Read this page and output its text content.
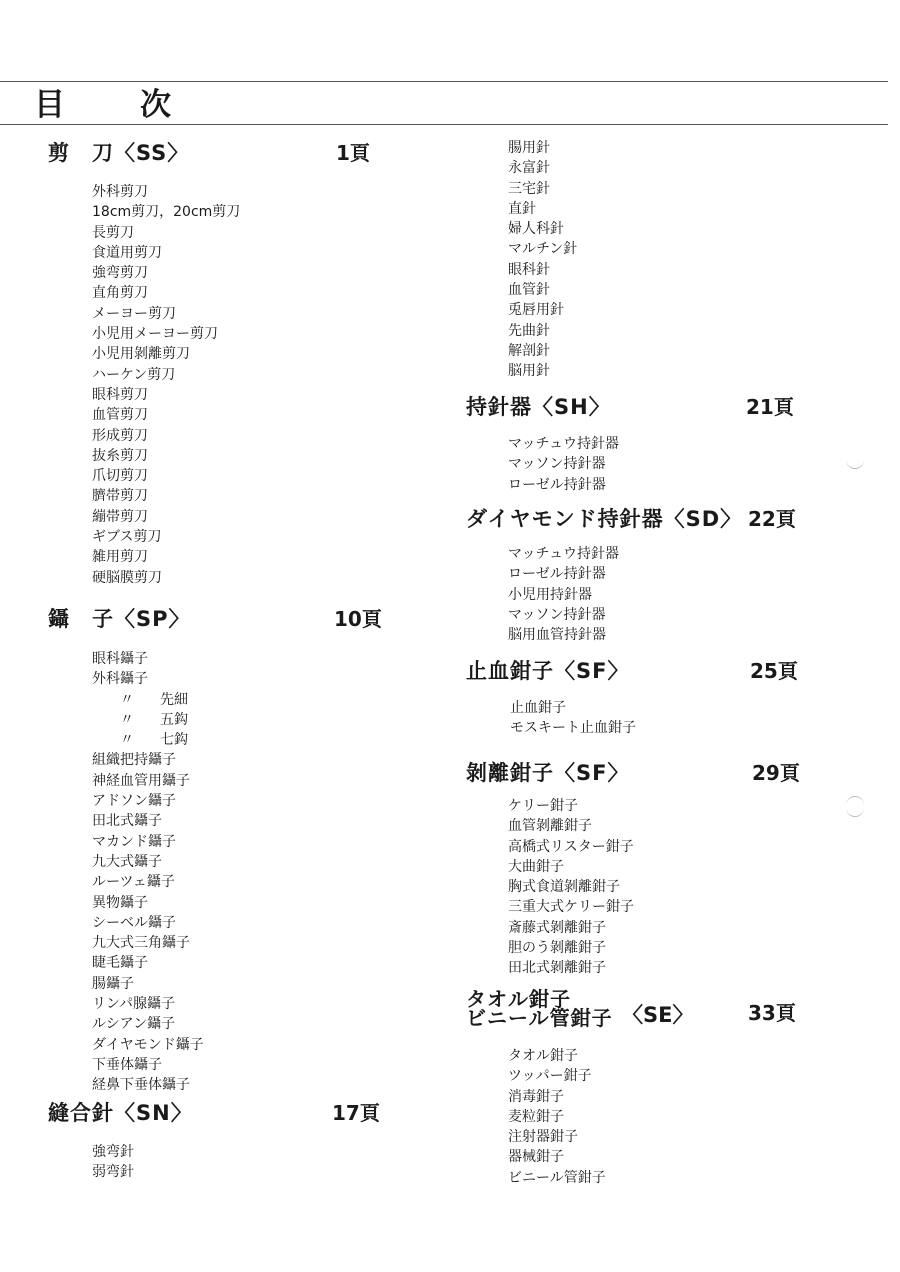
目　次
剪　刀〈SS〉	1頁
外科剪刀
18cm剪刀，20cm剪刀
長剪刀
食道用剪刀
強弯剪刀
直角剪刀
メーヨー剪刀
小児用メーヨー剪刀
小児用剝離剪刀
ハーケン剪刀
眼科剪刀
血管剪刀
形成剪刀
抜糸剪刀
爪切剪刀
臍帯剪刀
繃帯剪刀
ギブス剪刀
雑用剪刀
硬脳膜剪刀
鑷　子〈SP〉	10頁
眼科鑷子
外科鑷子
〃 先細
〃 五鈎
〃 七鈎
組織把持鑷子
神経血管用鑷子
アドソン鑷子
田北式鑷子
マカンド鑷子
九大式鑷子
ルーツェ鑷子
異物鑷子
シーベル鑷子
九大式三角鑷子
睫毛鑷子
腸鑷子
リンパ腺鑷子
ルシアン鑷子
ダイヤモンド鑷子
下垂体鑷子
経鼻下垂体鑷子
縫合針〈SN〉	17頁
強弯針
弱弯針
腸用針
永富針
三宅針
直針
婦人科針
マルチン針
眼科針
血管針
兎唇用針
先曲針
解剖針
脳用針
持針器〈SH〉	21頁
マッチュウ持針器
マッソン持針器
ローゼル持針器
ダイヤモンド持針器〈SD〉 22頁
マッチュウ持針器
ローゼル持針器
小児用持針器
マッソン持針器
脳用血管持針器
止血鉗子〈SF〉	25頁
止血鉗子
モスキート止血鉗子
剝離鉗子〈SF〉	29頁
ケリー鉗子
血管剝離鉗子
高橋式リスター鉗子
大曲鉗子
胸式食道剝離鉗子
三重大式ケリー鉗子
斎藤式剝離鉗子
胆のう剝離鉗子
田北式剝離鉗子
タオル鉗子
ビニール管鉗子 〈SE〉	33頁
タオル鉗子
ツッパー鉗子
消毒鉗子
麦粒鉗子
注射器鉗子
器械鉗子
ビニール管鉗子
